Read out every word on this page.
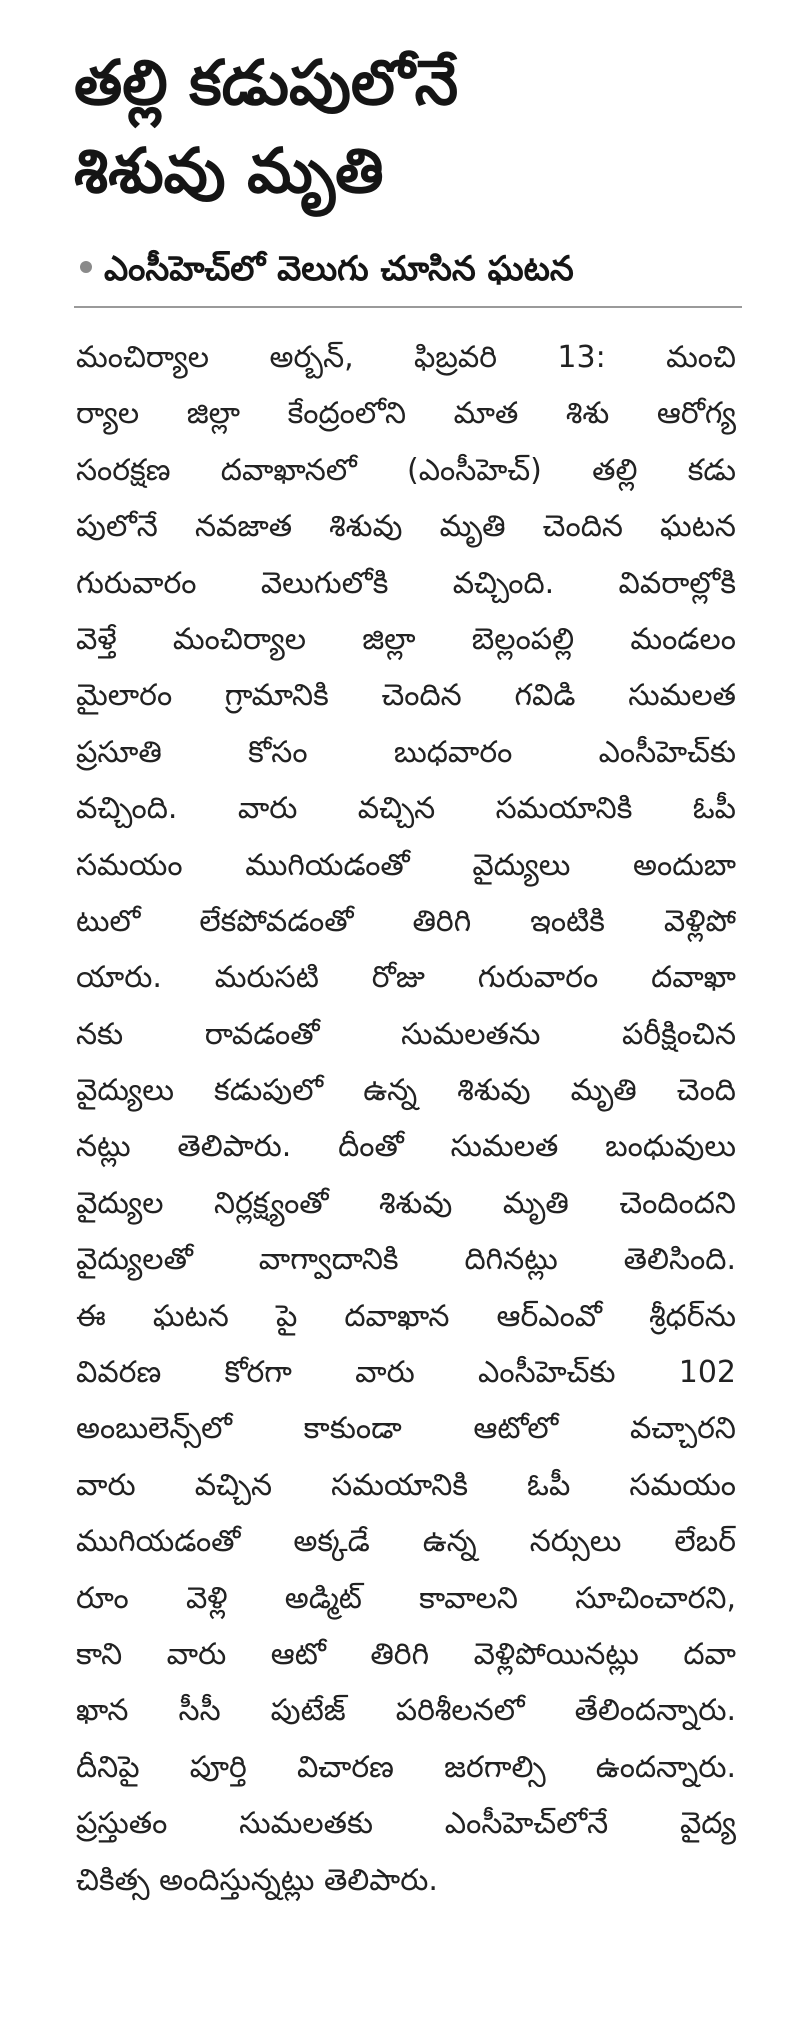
తల్లి కడుపులోనే
శిశువు మృతి
ఎంసీహెచ్‌లో వెలుగు చూసిన ఘటన
మంచిర్యాల అర్బన్, ఫిబ్రవరి 13: మంచి
ర్యాల జిల్లా కేంద్రంలోని మాత శిశు ఆరోగ్య
సంరక్షణ దవాఖానలో (ఎంసీహెచ్) తల్లి కడు
పులోనే నవజాత శిశువు మృతి చెందిన ఘటన
గురువారం వెలుగులోకి వచ్చింది. వివరాల్లోకి
వెళ్తే మంచిర్యాల జిల్లా బెల్లంపల్లి మండలం
మైలారం గ్రామానికి చెందిన గవిడి సుమలత
ప్రసూతి కోసం బుధవారం ఎంసీహెచ్‌కు
వచ్చింది. వారు వచ్చిన సమయానికి ఓపీ
సమయం ముగియడంతో వైద్యులు అందుబా
టులో లేకపోవడంతో తిరిగి ఇంటికి వెళ్లిపో
యారు. మరుసటి రోజు గురువారం దవాఖా
నకు రావడంతో సుమలతను పరీక్షించిన
వైద్యులు కడుపులో ఉన్న శిశువు మృతి చెంది
నట్లు తెలిపారు. దీంతో సుమలత బంధువులు
వైద్యుల నిర్లక్ష్యంతో శిశువు మృతి చెందిందని
వైద్యులతో వాగ్వాదానికి దిగినట్లు తెలిసింది.
ఈ ఘటన పై దవాఖాన ఆర్ఎంవో శ్రీధర్‌ను
వివరణ కోరగా వారు ఎంసీహెచ్‌కు 102
అంబులెన్స్‌లో కాకుండా ఆటోలో వచ్చారని
వారు వచ్చిన సమయానికి ఓపీ సమయం
ముగియడంతో అక్కడే ఉన్న నర్సులు లేబర్
రూం వెళ్లి అడ్మిట్ కావాలని సూచించారని,
కాని వారు ఆటో తిరిగి వెళ్లిపోయినట్లు దవా
ఖాన సీసీ పుటేజ్ పరిశీలనలో తేలిందన్నారు.
దీనిపై పూర్తి విచారణ జరగాల్సి ఉందన్నారు.
ప్రస్తుతం సుమలతకు ఎంసీహెచ్‌లోనే వైద్య
చికిత్స అందిస్తున్నట్లు తెలిపారు.
